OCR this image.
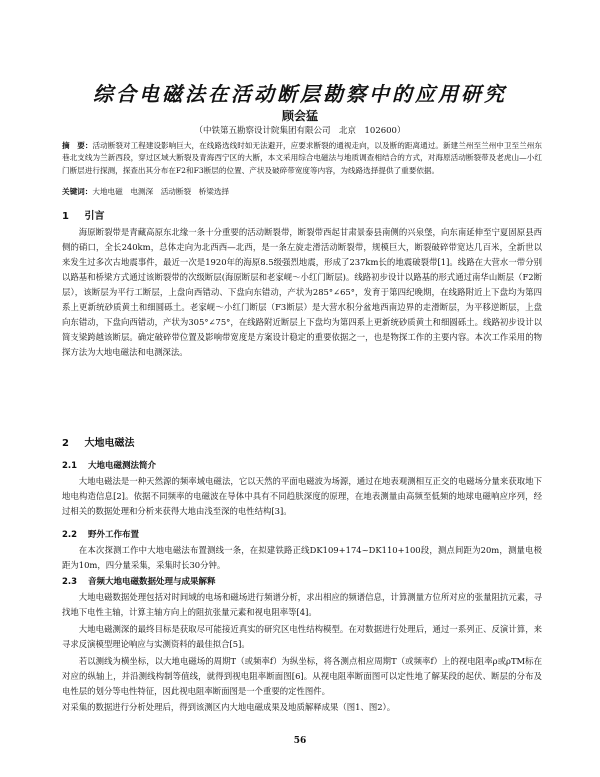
综合电磁法在活动断层勘察中的应用研究
顾会猛
（中铁第五勘察设计院集团有限公司　北京　102600）
摘　要：活动断裂对工程建设影响巨大，在线路选线时如无法避开，应要求断裂的通视走向，以及断的距离通过。新建兰州至兰州中卫至兰州东巷北支线为兰新西段，穿过区域大断裂及青海西宁区的大断，本文采用综合电磁法与地质调查相结合的方式，对海原活动断裂带及老虎山—小红门断层进行探测，探查出其分布在F2和F3断层的位置、产状及破碎带宽度等内容，为线路选择提供了重要依据。
关键词：大地电磁　电测深　活动断裂　桥梁选择
1 引言

海原断裂带是青藏高原东北缘一条十分重要的活动断裂带，断裂带西起甘肃景泰县南侧的兴泉堡，向东南延伸至宁夏固原县西侧的硝口，全长240km，总体走向为北西西—北西，是一条左旋走滑活动断裂带，规模巨大，断裂破碎带宽达几百米，全新世以来发生过多次古地震事件，最近一次是1920年的海原8.5级强烈地震，形成了237km长的地震破裂带[1]。线路在大营水一带分别以路基和桥梁方式通过该断裂带的次级断层(海原断层和老家岘～小红门断层)。线路初步设计以路基的形式通过南华山断层（F2断层），该断层为平行工断层，上盘向西错动、下盘向东错动，产状为285°∠65°，发育于第四纪晚期，在线路附近上下盘均为第四系上更新统砂质黄土和细圆砾土。老家岘～小红门断层（F3断层）是大营水积分盆地西南边界的走滑断层，为平移逆断层，上盘向东错动，下盘向西错动，产状为305°∠75°，在线路附近断层上下盘均为第四系上更新统砂质黄土和细圆砾土。线路初步设计以简支梁跨越该断层。确定破碎带位置及影响带宽度是方案设计稳定的重要依据之一，也是物探工作的主要内容。本次工作采用的物探方法为大地电磁法和电测深法。

2 大地电磁法
2.1 大地电磁测法简介

大地电磁法是一种天然源的频率域电磁法，它以天然的平面电磁波为场源，通过在地表观测相互正交的电磁场分量来获取地下地电构造信息[2]。依据不同频率的电磁波在导体中具有不同趋肤深度的原理，在地表测量由高频至低频的地球电磁响应序列，经过相关的数据处理和分析来获得大地由浅至深的电性结构[3]。

2.2 野外工作布置

在本次探测工作中大地电磁法布置测线一条，在拟建铁路正线DK109+174~DK110+100段，测点间距为20m，测量电极距为10m，四分量采集，采集时长30分钟。

2.3 音频大地电磁数据处理与成果解释

大地电磁数据处理包括对时间域的电场和磁场进行频谱分析，求出相应的频谱信息，计算测量方位所对应的张量阻抗元素，寻找地下电性主轴，计算主轴方向上的阻抗张量元素和视电阻率等[4]。

大地电磁测深的最终目标是获取尽可能接近真实的研究区电性结构模型。在对数据进行处理后，通过一系列正、反演计算，来寻求反演模型理论响应与实测资料的最佳拟合[5]。

若以测线为横坐标，以大地电磁场的周期T（或频率f）为纵坐标，将各测点相应周期T（或频率f）上的视电阻率ρ或ρTM标在对应的纵轴上，并沿测线构制等值线，就得到视电阻率断面图[6]。从视电阻率断面图可以定性地了解某段的起伏、断层的分布及电性层的划分等电性特征，因此视电阻率断面图是一个重要的定性图件。

对采集的数据进行分析处理后，得到该测区内大地电磁成果及地质解释成果（图1、图2）。

56
